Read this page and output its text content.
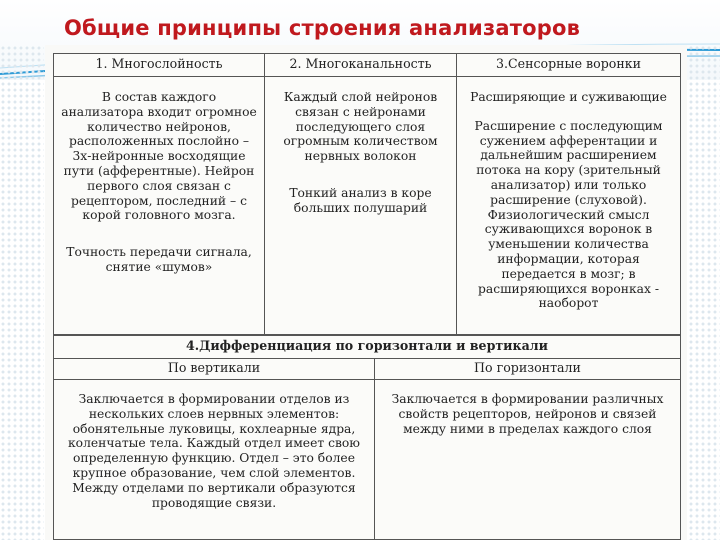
Общие принципы строения анализаторов
1. Многослойность
В состав каждого анализатора входит огромное количество нейронов, расположенных послойно – 3х-нейронные восходящие пути (афферентные). Нейрон первого слоя связан с рецептором, последний – с корой головного мозга.
Точность передачи сигнала, снятие «шумов»
2. Многоканальность
Каждый слой нейронов связан с нейронами последующего слоя огромным количеством нервных волокон
Тонкий анализ в коре больших полушарий
3.Сенсорные воронки
Расширяющие и суживающие
Расширение с последующим сужением афферентации и дальнейшим расширением потока на кору (зрительный анализатор) или только расширение (слуховой). Физиологический смысл суживающихся воронок в уменьшении количества информации, которая передается в мозг; в расширяющихся воронках - наоборот
4.Дифференциация по горизонтали и вертикали
По вертикали
Заключается в формировании отделов из нескольких слоев нервных элементов: обонятельные луковицы, кохлеарные ядра, коленчатые тела. Каждый отдел имеет свою определенную функцию. Отдел – это более крупное образование, чем слой элементов. Между отделами по вертикали образуются проводящие связи.
По горизонтали
Заключается в формировании различных свойств рецепторов, нейронов и связей между ними в пределах каждого слоя
